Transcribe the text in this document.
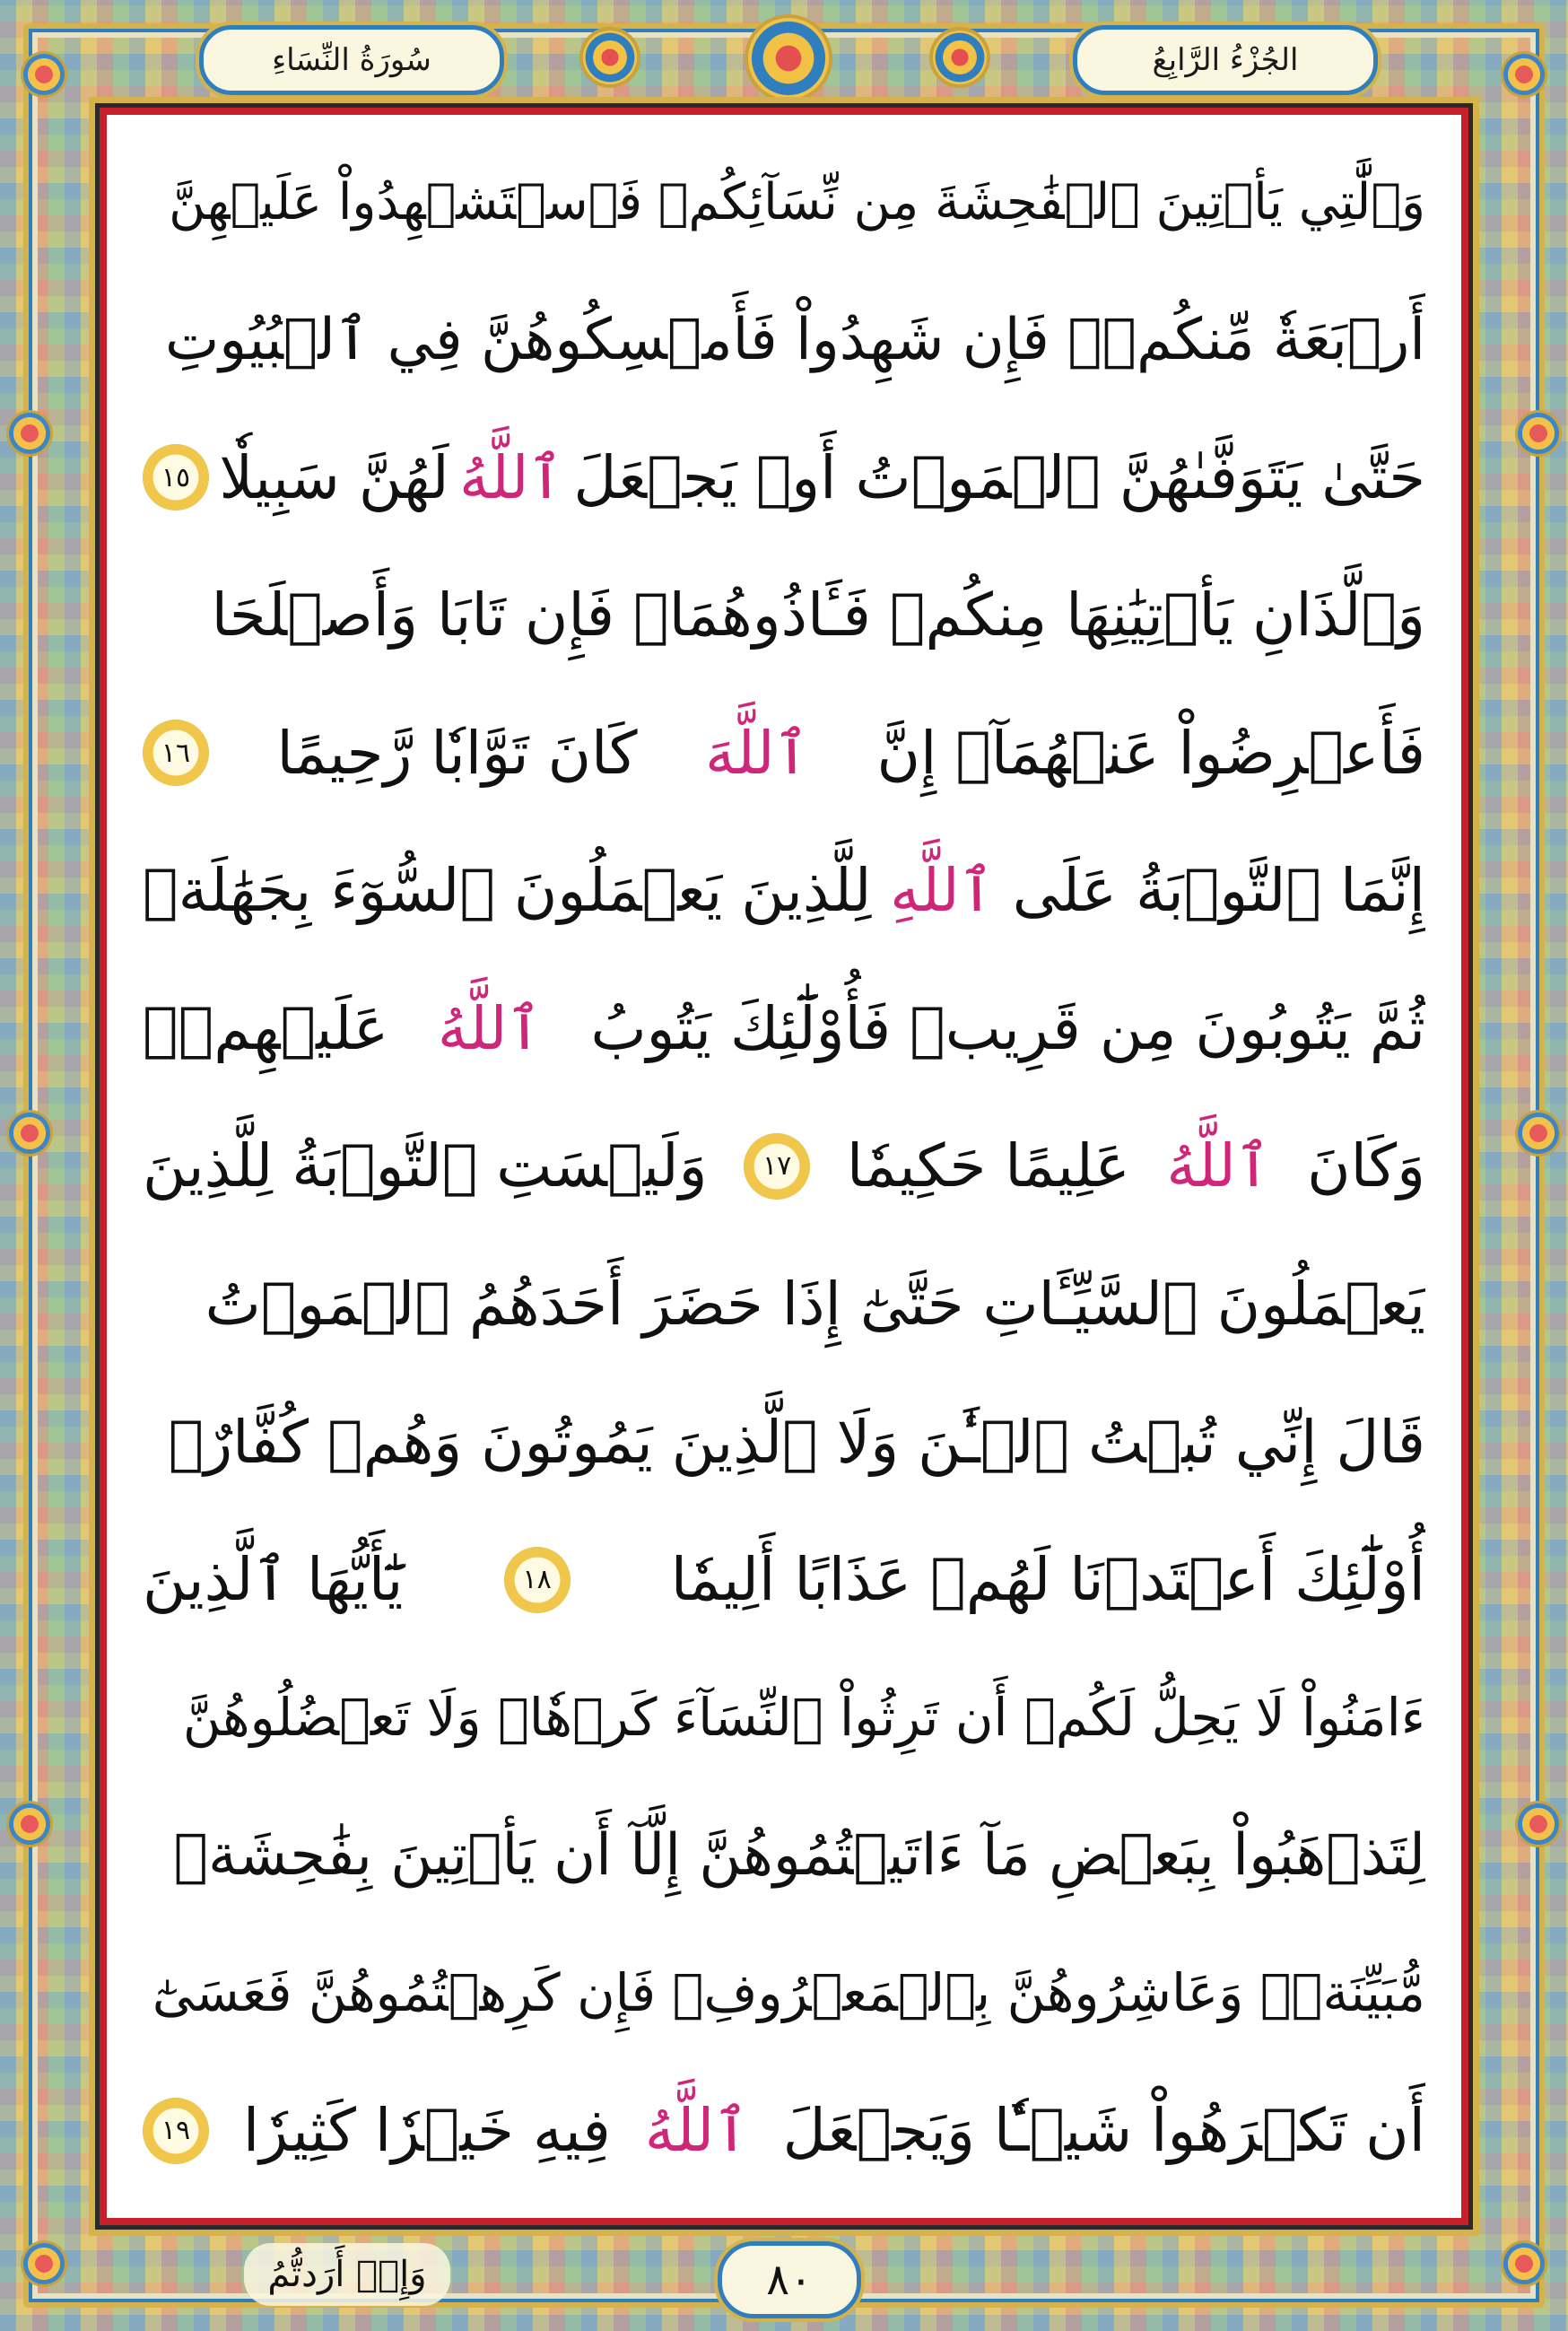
سُورَةُ النِّسَاءِ	الجُزْءُ الرَّابِعُ
وَٱلَّٰتِي يَأۡتِينَ ٱلۡفَٰحِشَةَ مِن نِّسَآئِكُمۡ فَٱسۡتَشۡهِدُواْ عَلَيۡهِنَّ
أَرۡبَعَةٗ مِّنكُمۡۖ فَإِن شَهِدُواْ فَأَمۡسِكُوهُنَّ فِي ٱلۡبُيُوتِ
حَتَّىٰ يَتَوَفَّىٰهُنَّ ٱلۡمَوۡتُ أَوۡ يَجۡعَلَ
ٱللَّهُ
لَهُنَّ سَبِيلٗا
١٥
وَٱلَّذَانِ يَأۡتِيَٰنِهَا مِنكُمۡ فَـَٔاذُوهُمَاۖ فَإِن تَابَا وَأَصۡلَحَا
فَأَعۡرِضُواْ عَنۡهُمَآۗ إِنَّ
ٱللَّهَ
كَانَ تَوَّابٗا رَّحِيمًا
١٦
إِنَّمَا ٱلتَّوۡبَةُ عَلَى
ٱللَّهِ
لِلَّذِينَ يَعۡمَلُونَ ٱلسُّوٓءَ بِجَهَٰلَةٖ
ثُمَّ يَتُوبُونَ مِن قَرِيبٖ فَأُوْلَٰٓئِكَ يَتُوبُ
ٱللَّهُ
عَلَيۡهِمۡۗ
وَكَانَ
ٱللَّهُ
عَلِيمًا حَكِيمٗا
١٧
وَلَيۡسَتِ ٱلتَّوۡبَةُ لِلَّذِينَ
يَعۡمَلُونَ ٱلسَّيِّـَٔاتِ حَتَّىٰٓ إِذَا حَضَرَ أَحَدَهُمُ ٱلۡمَوۡتُ
قَالَ إِنِّي تُبۡتُ ٱلۡـَٰٔنَ وَلَا ٱلَّذِينَ يَمُوتُونَ وَهُمۡ كُفَّارٌۚ
أُوْلَٰٓئِكَ أَعۡتَدۡنَا لَهُمۡ عَذَابًا أَلِيمٗا
١٨
يَٰٓأَيُّهَا ٱلَّذِينَ
ءَامَنُواْ لَا يَحِلُّ لَكُمۡ أَن تَرِثُواْ ٱلنِّسَآءَ كَرۡهٗاۖ وَلَا تَعۡضُلُوهُنَّ
لِتَذۡهَبُواْ بِبَعۡضِ مَآ ءَاتَيۡتُمُوهُنَّ إِلَّآ أَن يَأۡتِينَ بِفَٰحِشَةٖ
مُّبَيِّنَةٖۚ وَعَاشِرُوهُنَّ بِٱلۡمَعۡرُوفِۚ فَإِن كَرِهۡتُمُوهُنَّ فَعَسَىٰٓ
أَن تَكۡرَهُواْ شَيۡـٔٗا وَيَجۡعَلَ
ٱللَّهُ
فِيهِ خَيۡرٗا كَثِيرٗا
١٩
وَإِنۡ أَرَدتُّمُ	٨٠
